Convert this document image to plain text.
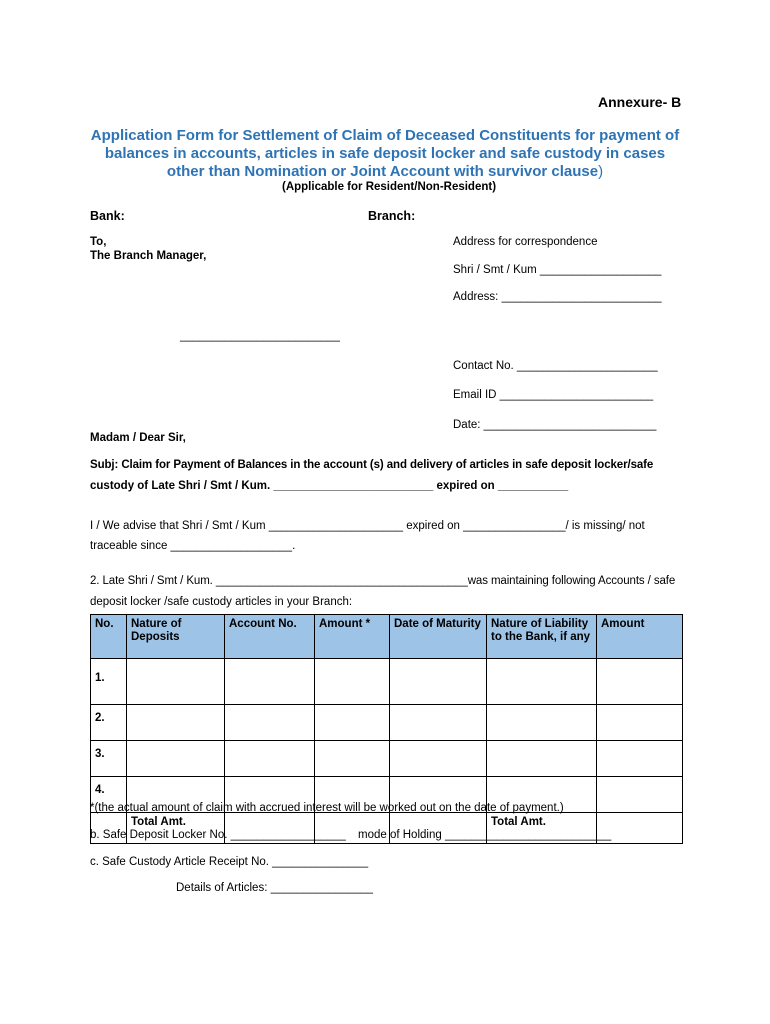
Annexure- B
Application Form for Settlement of Claim of Deceased Constituents for payment of
balances in accounts, articles in safe deposit locker and safe custody in cases
other than Nomination or Joint Account with survivor clause)
(Applicable for Resident/Non-Resident)
Bank:	Branch:
To,
The Branch Manager,
Address for correspondence
Shri / Smt / Kum ___________________
Address: _________________________
_________________________
Contact No. ______________________
Email ID ________________________
Date: ___________________________
Madam / Dear Sir,
Subj: Claim for Payment of Balances in the account (s) and delivery of articles in safe deposit locker/safe
custody of Late Shri / Smt / Kum. _________________________ expired on ___________
I / We advise that Shri / Smt / Kum _____________________ expired on ________________/ is missing/ not
traceable since ___________________.
2. Late Shri / Smt / Kum. ________________________________________was maintaining following Accounts / safe
deposit locker /safe custody articles in your Branch:
No.	Nature of Deposits	Account No.	Amount *	Date of Maturity	Nature of Liability to the Bank, if any	Amount
1.						
2.						
3.						
4.						
	Total Amt.				Total Amt.	
*(the actual amount of claim with accrued interest will be worked out on the date of payment.)
b. Safe Deposit Locker No. __________________ mode of Holding __________________________
c. Safe Custody Article Receipt No. _______________
Details of Articles: ________________
